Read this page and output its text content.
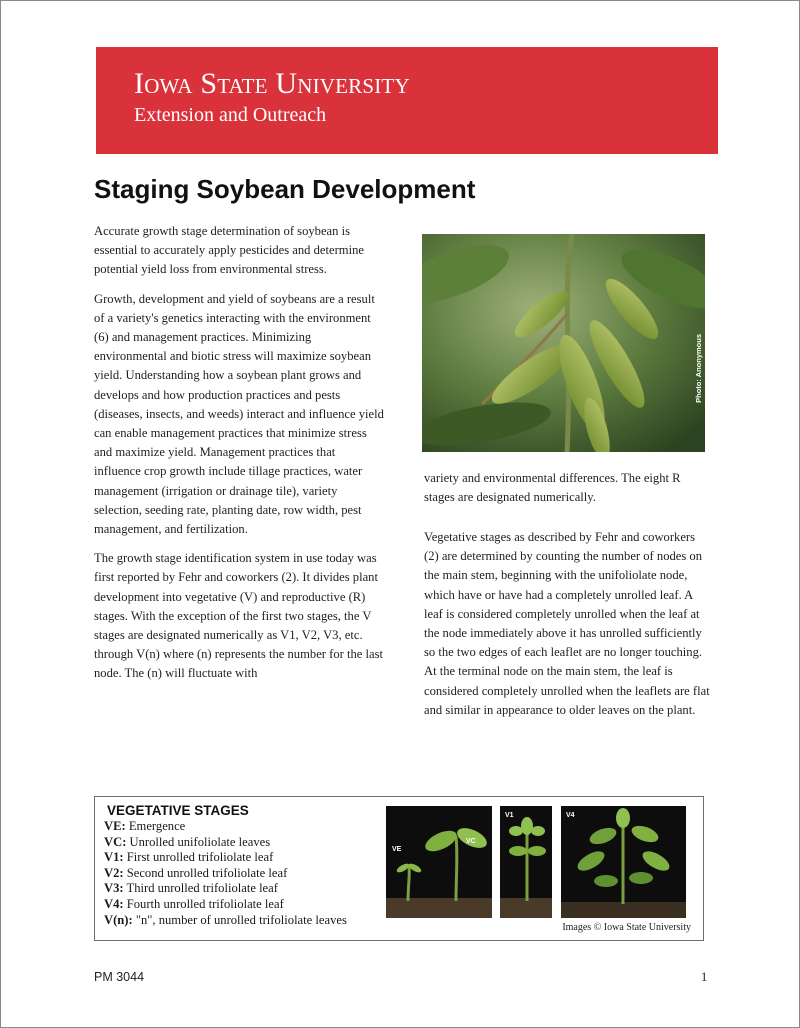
Iowa State University
Extension and Outreach
Staging Soybean Development

Accurate growth stage determination of soybean is essential to accurately apply pesticides and determine potential yield loss from environmental stress.

Growth, development and yield of soybeans are a result of a variety's genetics interacting with the environment (6) and management practices. Minimizing environmental and biotic stress will maximize soybean yield. Understanding how a soybean plant grows and develops and how production practices and pests (diseases, insects, and weeds) interact and influence yield can enable management practices that minimize stress and maximize yield. Management practices that influence crop growth include tillage practices, water management (irrigation or drainage tile), variety selection, seeding rate, planting date, row width, pest management, and fertilization.

The growth stage identification system in use today was first reported by Fehr and coworkers (2). It divides plant development into vegetative (V) and reproductive (R) stages. With the exception of the first two stages, the V stages are designated numerically as V1, V2, V3, etc. through V(n) where (n) represents the number for the last node. The (n) will fluctuate with

Photo: Anonymous

variety and environmental differences. The eight R stages are designated numerically.

Vegetative stages as described by Fehr and coworkers (2) are determined by counting the number of nodes on the main stem, beginning with the unifoliolate node, which have or have had a completely unrolled leaf. A leaf is considered completely unrolled when the leaf at the node immediately above it has unrolled sufficiently so the two edges of each leaflet are no longer touching. At the terminal node on the main stem, the leaf is considered completely unrolled when the leaflets are flat and similar in appearance to older leaves on the plant.

VEGETATIVE STAGES
VE: Emergence
VC: Unrolled unifoliolate leaves
V1: First unrolled trifoliolate leaf
V2: Second unrolled trifoliolate leaf
V3: Third unrolled trifoliolate leaf
V4: Fourth unrolled trifoliolate leaf
V(n): "n", number of unrolled trifoliolate leaves
VE
VC
V1	V4
Images © Iowa State University
PM 3044	1
